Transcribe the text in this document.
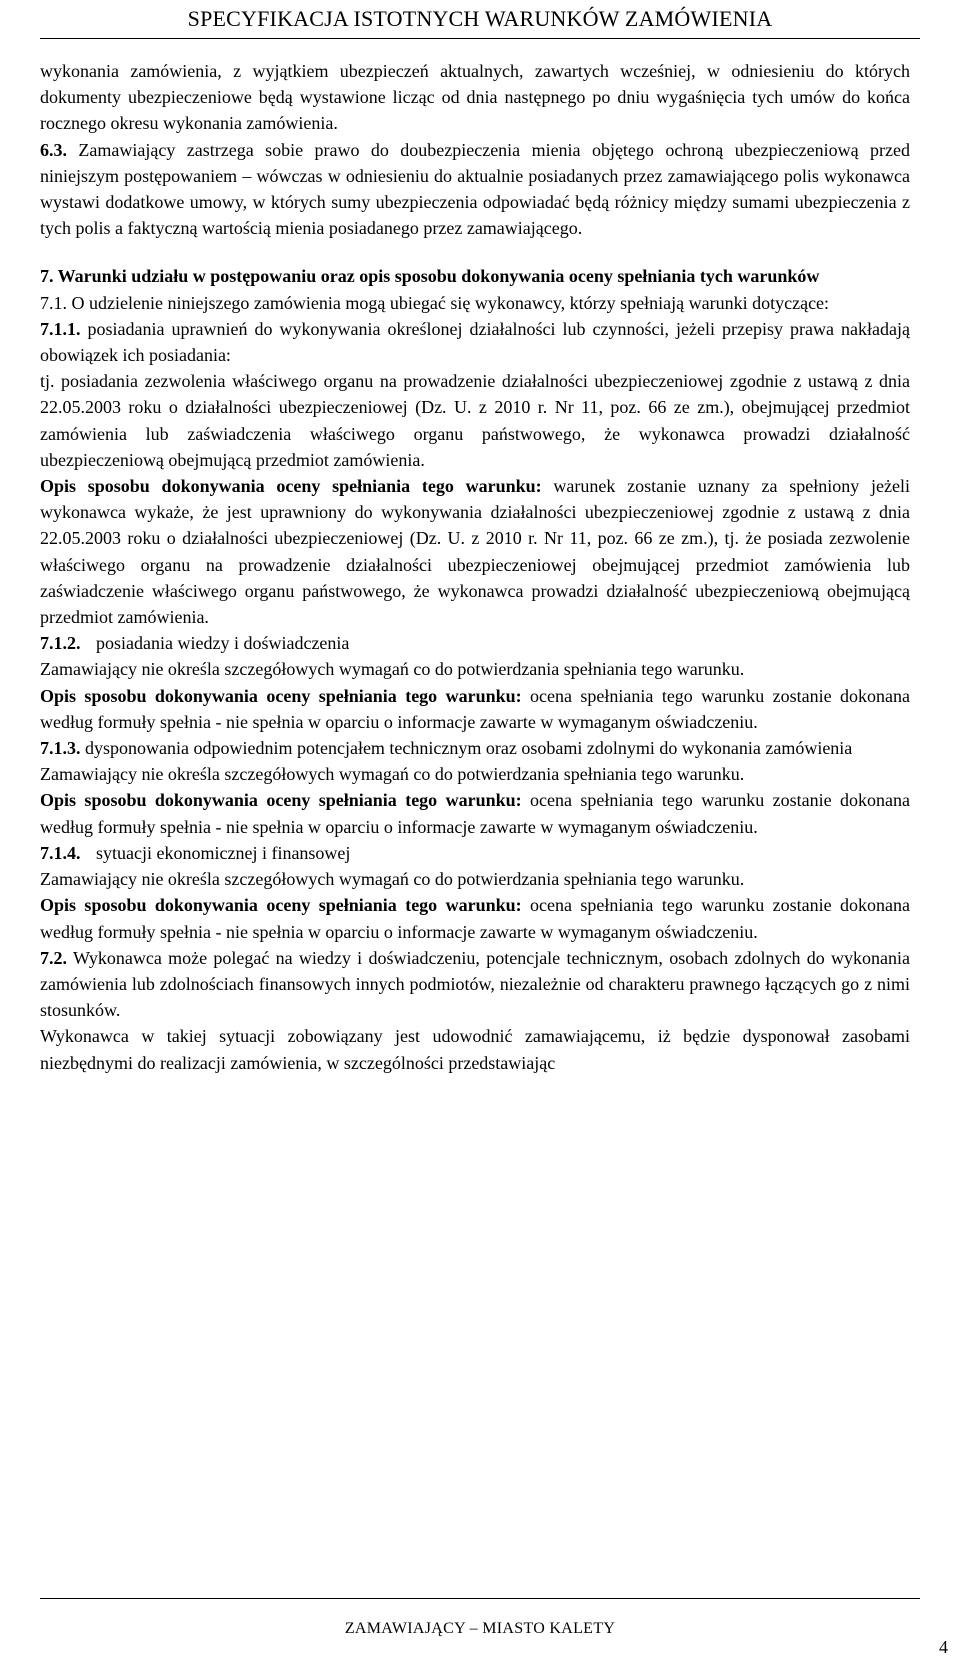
SPECYFIKACJA ISTOTNYCH WARUNKÓW ZAMÓWIENIA

wykonania zamówienia, z wyjątkiem ubezpieczeń aktualnych, zawartych wcześniej, w odniesieniu do których dokumenty ubezpieczeniowe będą wystawione licząc od dnia następnego po dniu wygaśnięcia tych umów do końca rocznego okresu wykonania zamówienia.

6.3. Zamawiający zastrzega sobie prawo do doubezpieczenia mienia objętego ochroną ubezpieczeniową przed niniejszym postępowaniem – wówczas w odniesieniu do aktualnie posiadanych przez zamawiającego polis wykonawca wystawi dodatkowe umowy, w których sumy ubezpieczenia odpowiadać będą różnicy między sumami ubezpieczenia z tych polis a faktyczną wartością mienia posiadanego przez zamawiającego.

7. Warunki udziału w postępowaniu oraz opis sposobu dokonywania oceny spełniania tych warunków

7.1. O udzielenie niniejszego zamówienia mogą ubiegać się wykonawcy, którzy spełniają warunki dotyczące:

7.1.1. posiadania uprawnień do wykonywania określonej działalności lub czynności, jeżeli przepisy prawa nakładają obowiązek ich posiadania:

tj. posiadania zezwolenia właściwego organu na prowadzenie działalności ubezpieczeniowej zgodnie z ustawą z dnia 22.05.2003 roku o działalności ubezpieczeniowej (Dz. U. z 2010 r. Nr 11, poz. 66 ze zm.), obejmującej przedmiot zamówienia lub zaświadczenia właściwego organu państwowego, że wykonawca prowadzi działalność ubezpieczeniową obejmującą przedmiot zamówienia.

Opis sposobu dokonywania oceny spełniania tego warunku: warunek zostanie uznany za spełniony jeżeli wykonawca wykaże, że jest uprawniony do wykonywania działalności ubezpieczeniowej zgodnie z ustawą z dnia 22.05.2003 roku o działalności ubezpieczeniowej (Dz. U. z 2010 r. Nr 11, poz. 66 ze zm.), tj. że posiada zezwolenie właściwego organu na prowadzenie działalności ubezpieczeniowej obejmującej przedmiot zamówienia lub zaświadczenie właściwego organu państwowego, że wykonawca prowadzi działalność ubezpieczeniową obejmującą przedmiot zamówienia.

7.1.2. posiadania wiedzy i doświadczenia

Zamawiający nie określa szczegółowych wymagań co do potwierdzania spełniania tego warunku.

Opis sposobu dokonywania oceny spełniania tego warunku: ocena spełniania tego warunku zostanie dokonana według formuły spełnia - nie spełnia w oparciu o informacje zawarte w wymaganym oświadczeniu.

7.1.3. dysponowania odpowiednim potencjałem technicznym oraz osobami zdolnymi do wykonania zamówienia

Zamawiający nie określa szczegółowych wymagań co do potwierdzania spełniania tego warunku.

Opis sposobu dokonywania oceny spełniania tego warunku: ocena spełniania tego warunku zostanie dokonana według formuły spełnia - nie spełnia w oparciu o informacje zawarte w wymaganym oświadczeniu.

7.1.4. sytuacji ekonomicznej i finansowej

Zamawiający nie określa szczegółowych wymagań co do potwierdzania spełniania tego warunku.

Opis sposobu dokonywania oceny spełniania tego warunku: ocena spełniania tego warunku zostanie dokonana według formuły spełnia - nie spełnia w oparciu o informacje zawarte w wymaganym oświadczeniu.

7.2. Wykonawca może polegać na wiedzy i doświadczeniu, potencjale technicznym, osobach zdolnych do wykonania zamówienia lub zdolnościach finansowych innych podmiotów, niezależnie od charakteru prawnego łączących go z nimi stosunków.

Wykonawca w takiej sytuacji zobowiązany jest udowodnić zamawiającemu, iż będzie dysponował zasobami niezbędnymi do realizacji zamówienia, w szczególności przedstawiając

ZAMAWIAJĄCY – MIASTO KALETY
4
